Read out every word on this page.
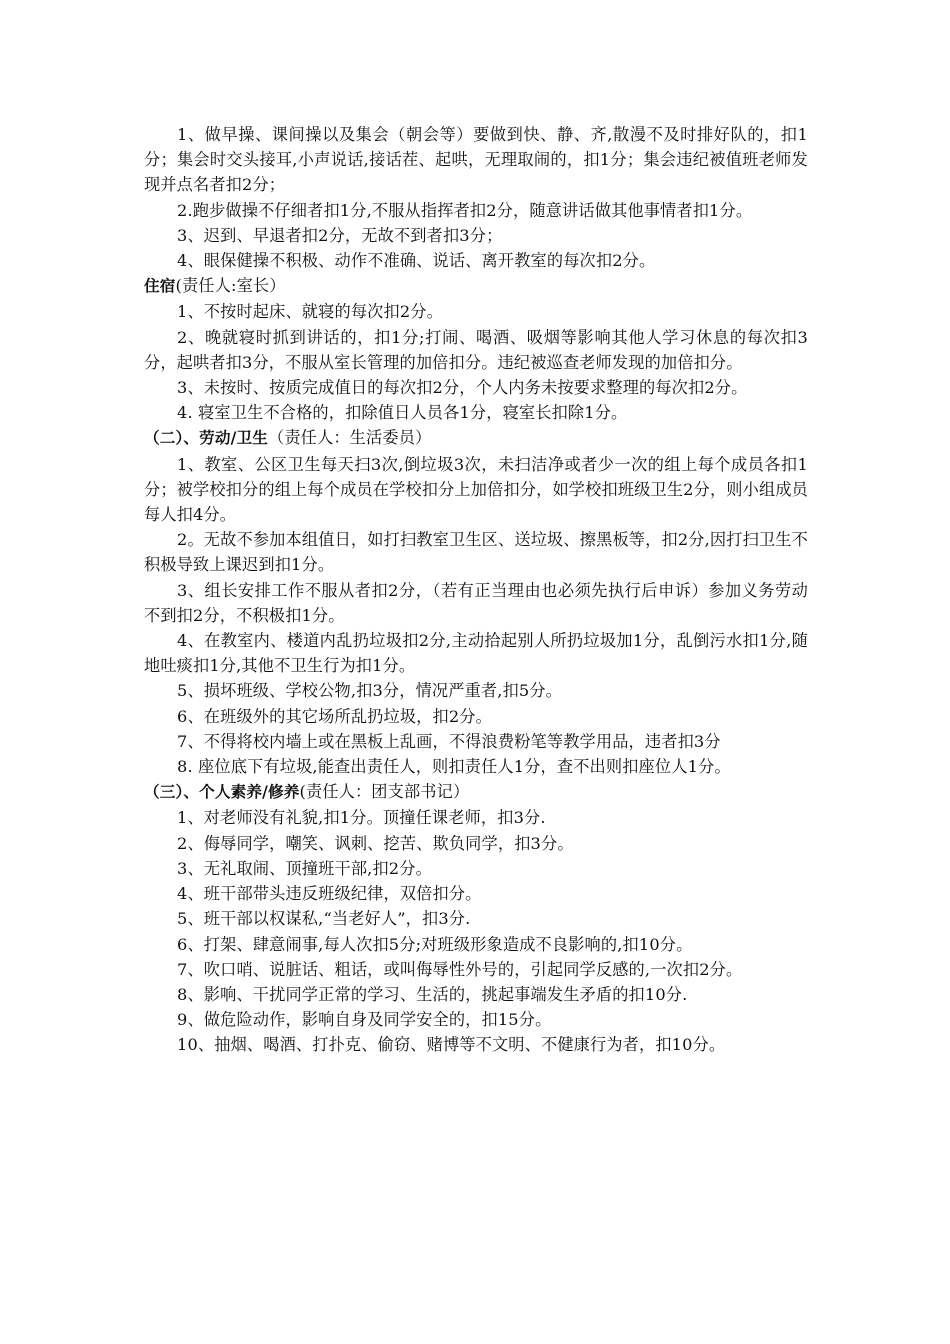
1、做早操、课间操以及集会（朝会等）要做到快、静、齐,散漫不及时排好队的，扣1分；集会时交头接耳,小声说话,接话茬、起哄，无理取闹的，扣1分；集会违纪被值班老师发现并点名者扣2分；

2.跑步做操不仔细者扣1分,不服从指挥者扣2分，随意讲话做其他事情者扣1分。

3、迟到、早退者扣2分，无故不到者扣3分；

4、眼保健操不积极、动作不准确、说话、离开教室的每次扣2分。

住宿(责任人:室长）

1、不按时起床、就寝的每次扣2分。

2、晚就寝时抓到讲话的，扣1分;打闹、喝酒、吸烟等影响其他人学习休息的每次扣3分，起哄者扣3分，不服从室长管理的加倍扣分。违纪被巡查老师发现的加倍扣分。

3、未按时、按质完成值日的每次扣2分，个人内务未按要求整理的每次扣2分。

4. 寝室卫生不合格的，扣除值日人员各1分，寝室长扣除1分。

（二）、劳动/卫生（责任人：生活委员）

1、教室、公区卫生每天扫3次,倒垃圾3次，未扫洁净或者少一次的组上每个成员各扣1分；被学校扣分的组上每个成员在学校扣分上加倍扣分，如学校扣班级卫生2分，则小组成员每人扣4分。

2。无故不参加本组值日，如打扫教室卫生区、送垃圾、擦黑板等，扣2分,因打扫卫生不积极导致上课迟到扣1分。

3、组长安排工作不服从者扣2分，（若有正当理由也必须先执行后申诉）参加义务劳动不到扣2分，不积极扣1分。

4、在教室内、楼道内乱扔垃圾扣2分,主动拾起别人所扔垃圾加1分，乱倒污水扣1分,随地吐痰扣1分,其他不卫生行为扣1分。

5、损坏班级、学校公物,扣3分，情况严重者,扣5分。

6、在班级外的其它场所乱扔垃圾，扣2分。

7、不得将校内墙上或在黑板上乱画，不得浪费粉笔等教学用品，违者扣3分

8. 座位底下有垃圾,能查出责任人，则扣责任人1分，查不出则扣座位人1分。

（三）、个人素养/修养(责任人：团支部书记）

1、对老师没有礼貌,扣1分。顶撞任课老师，扣3分.

2、侮辱同学，嘲笑、讽刺、挖苦、欺负同学，扣3分。

3、无礼取闹、顶撞班干部,扣2分。

4、班干部带头违反班级纪律，双倍扣分。

5、班干部以权谋私,“当老好人”，扣3分.

6、打架、肆意闹事,每人次扣5分;对班级形象造成不良影响的,扣10分。

7、吹口哨、说脏话、粗话，或叫侮辱性外号的，引起同学反感的,一次扣2分。

8、影响、干扰同学正常的学习、生活的，挑起事端发生矛盾的扣10分.

9、做危险动作，影响自身及同学安全的，扣15分。

10、抽烟、喝酒、打扑克、偷窃、赌博等不文明、不健康行为者，扣10分。
